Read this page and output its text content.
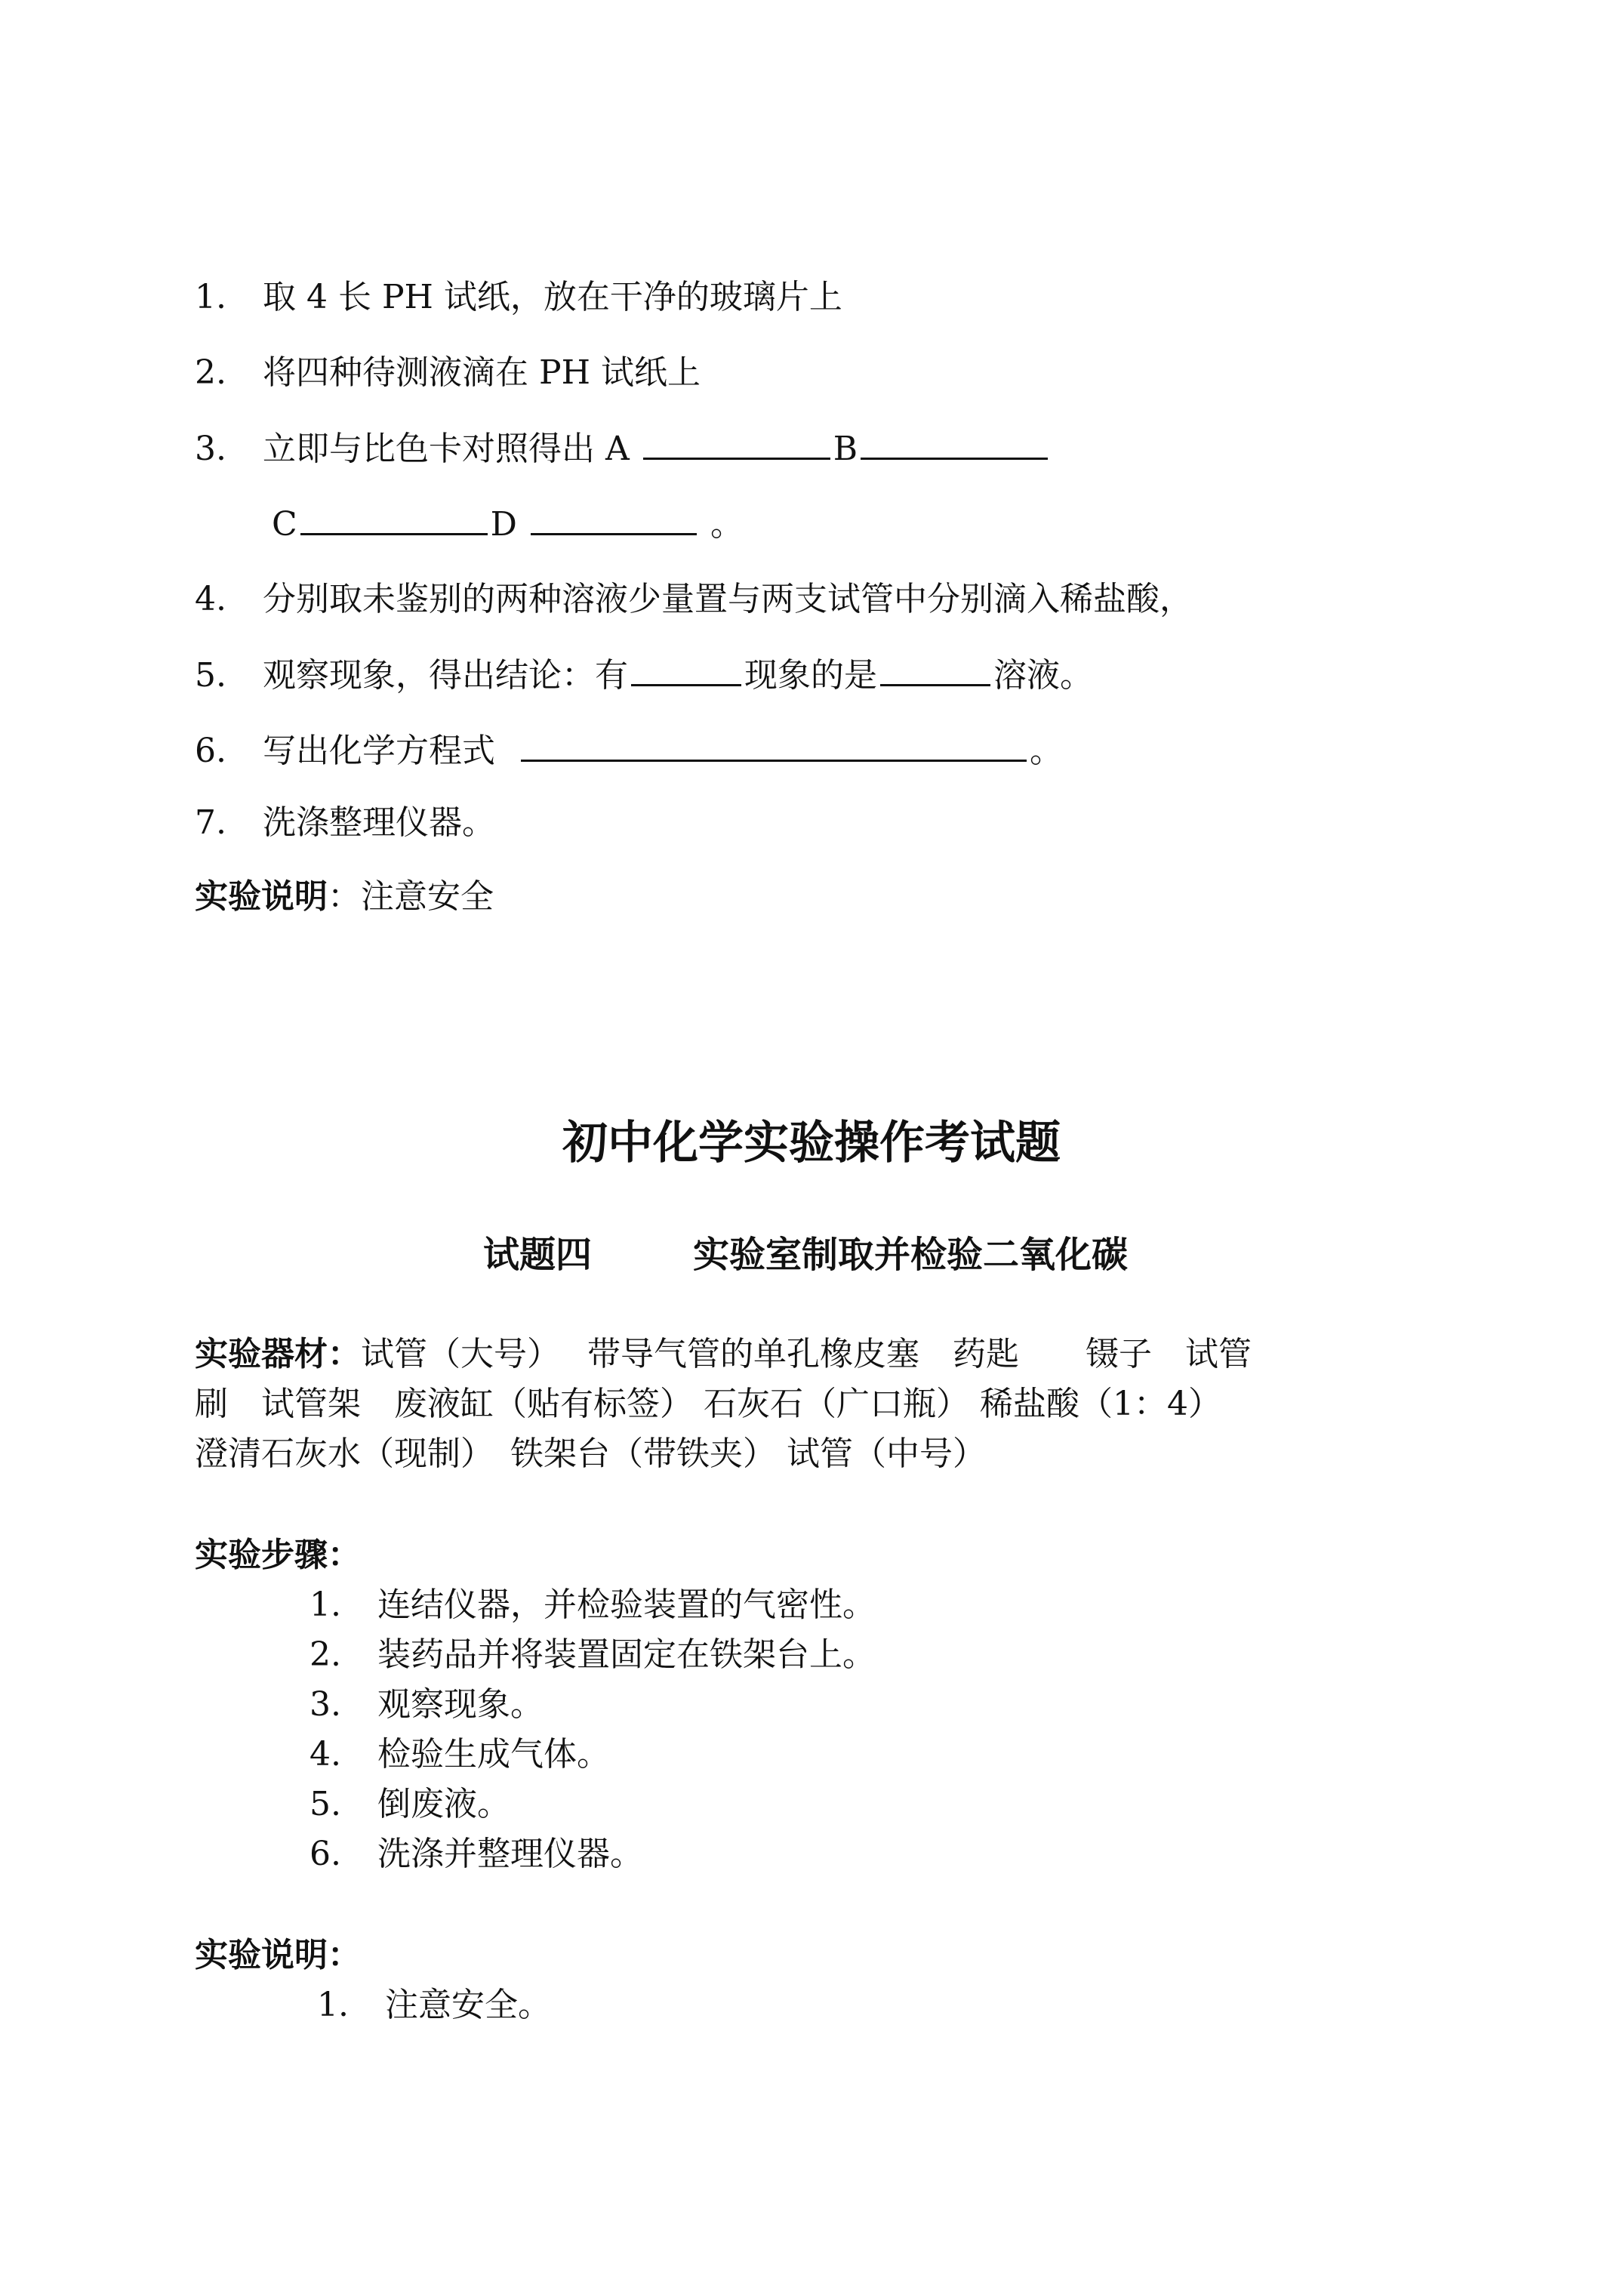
1. 取 4 长 PH 试纸，放在干净的玻璃片上
2. 将四种待测液滴在 PH 试纸上
3. 立即与比色卡对照得出 A	B
C	D	。
4. 分别取未鉴别的两种溶液少量置与两支试管中分别滴入稀盐酸，
5. 观察现象，得出结论：有	现象的是	溶液。
6. 写出化学方程式	。
7. 洗涤整理仪器。
实验说明：注意安全
初中化学实验操作考试题
试题四	实验室制取并检验二氧化碳
实验器材：试管（大号）　 带导气管的单孔橡皮塞　药匙　　镊子　试管
刷　试管架　废液缸（贴有标签） 石灰石（广口瓶） 稀盐酸（1：4）
澄清石灰水（现制）　铁架台（带铁夹） 试管（中号）
实验步骤：
1. 连结仪器，并检验装置的气密性。
2. 装药品并将装置固定在铁架台上。
3. 观察现象。
4. 检验生成气体。
5. 倒废液。
6. 洗涤并整理仪器。
实验说明：
1. 注意安全。
